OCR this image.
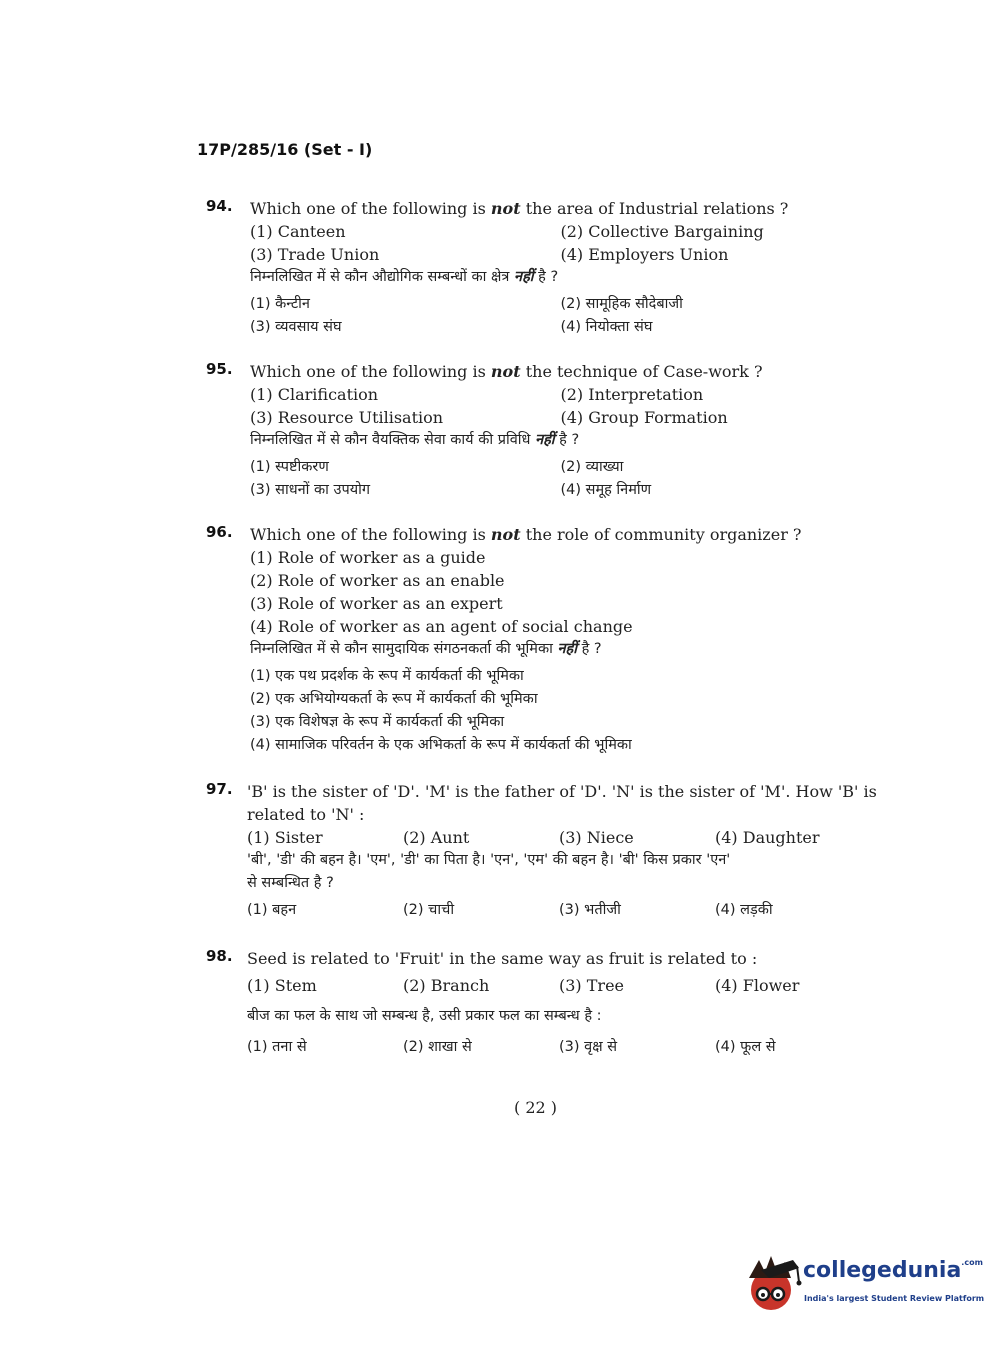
17P/285/16 (Set - I)
94. Which one of the following is not the area of Industrial relations ?
(1) Canteen	(2) Collective Bargaining
(3) Trade Union	(4) Employers Union
निम्नलिखित में से कौन औद्योगिक सम्बन्धों का क्षेत्र नहीं है ?
(1) कैन्टीन	(2) सामूहिक सौदेबाजी
(3) व्यवसाय संघ	(4) नियोक्ता संघ
95. Which one of the following is not the technique of Case-work ?
(1) Clarification	(2) Interpretation
(3) Resource Utilisation	(4) Group Formation
निम्नलिखित में से कौन वैयक्तिक सेवा कार्य की प्रविधि नहीं है ?
(1) स्पष्टीकरण	(2) व्याख्या
(3) साधनों का उपयोग	(4) समूह निर्माण
96. Which one of the following is not the role of community organizer ?
(1) Role of worker as a guide
(2) Role of worker as an enable
(3) Role of worker as an expert
(4) Role of worker as an agent of social change
निम्नलिखित में से कौन सामुदायिक संगठनकर्ता की भूमिका नहीं है ?
(1) एक पथ प्रदर्शक के रूप में कार्यकर्ता की भूमिका
(2) एक अभियोग्यकर्ता के रूप में कार्यकर्ता की भूमिका
(3) एक विशेषज्ञ के रूप में कार्यकर्ता की भूमिका
(4) सामाजिक परिवर्तन के एक अभिकर्ता के रूप में कार्यकर्ता की भूमिका
97. 'B' is the sister of 'D'. 'M' is the father of 'D'. 'N' is the sister of 'M'. How 'B' is
related to 'N' :
(1) Sister	(2) Aunt	(3) Niece	(4) Daughter
'बी', 'डी' की बहन है। 'एम', 'डी' का पिता है। 'एन', 'एम' की बहन है। 'बी' किस प्रकार 'एन'
से सम्बन्धित है ?
(1) बहन	(2) चाची	(3) भतीजी	(4) लड़की
98. Seed is related to 'Fruit' in the same way as fruit is related to :
(1) Stem	(2) Branch	(3) Tree	(4) Flower
बीज का फल के साथ जो सम्बन्ध है, उसी प्रकार फल का सम्बन्ध है :
(1) तना से	(2) शाखा से	(3) वृक्ष से	(4) फूल से
( 22 )
collegedunia$^{.com}$
India's largest Student Review Platform
